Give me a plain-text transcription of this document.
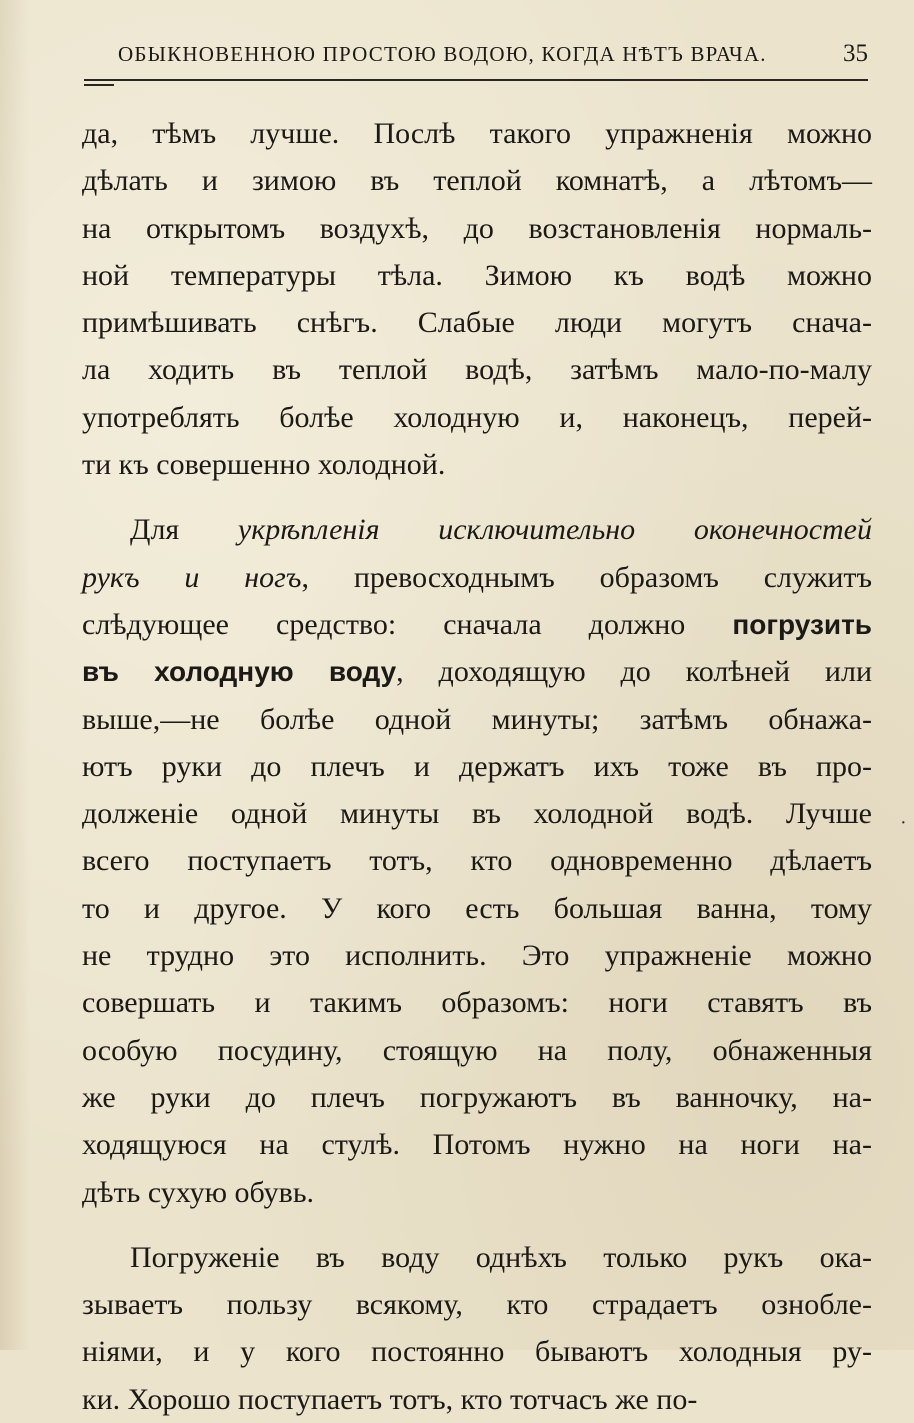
ОБЫКНОВЕННОЮ ПРОСТОЮ ВОДОЮ, КОГДА НѢТЪ ВРАЧА.	35
да, тѣмъ лучше. Послѣ такого упражненія можно
дѣлать и зимою въ теплой комнатѣ, а лѣтомъ—
на открытомъ воздухѣ, до возстановленія нормаль-
ной температуры тѣла. Зимою къ водѣ можно
примѣшивать снѣгъ. Слабые люди могутъ снача-
ла ходить въ теплой водѣ, затѣмъ мало-по-малу
употреблять болѣе холодную и, наконецъ, перей-
ти къ совершенно холодной.
Для укрѣпленія исключительно оконечностей
рукъ и ногъ, превосходнымъ образомъ служитъ
слѣдующее средство: сначала должно погрузить
въ холодную воду, доходящую до колѣней или
выше,—не болѣе одной минуты; затѣмъ обнажа-
ютъ руки до плечъ и держатъ ихъ тоже въ про-
долженіе одной минуты въ холодной водѣ. Лучше
всего поступаетъ тотъ, кто одновременно дѣлаетъ
то и другое. У кого есть большая ванна, тому
не трудно это исполнить. Это упражненіе можно
совершать и такимъ образомъ: ноги ставятъ въ
особую посудину, стоящую на полу, обнаженныя
же руки до плечъ погружаютъ въ ванночку, на-
ходящуюся на стулѣ. Потомъ нужно на ноги на-
дѣть сухую обувь.
Погруженіе въ воду однѣхъ только рукъ ока-
зываетъ пользу всякому, кто страдаетъ ознобле-
ніями, и у кого постоянно бываютъ холодныя ру-
ки. Хорошо поступаетъ тотъ, кто тотчасъ же по-
·
